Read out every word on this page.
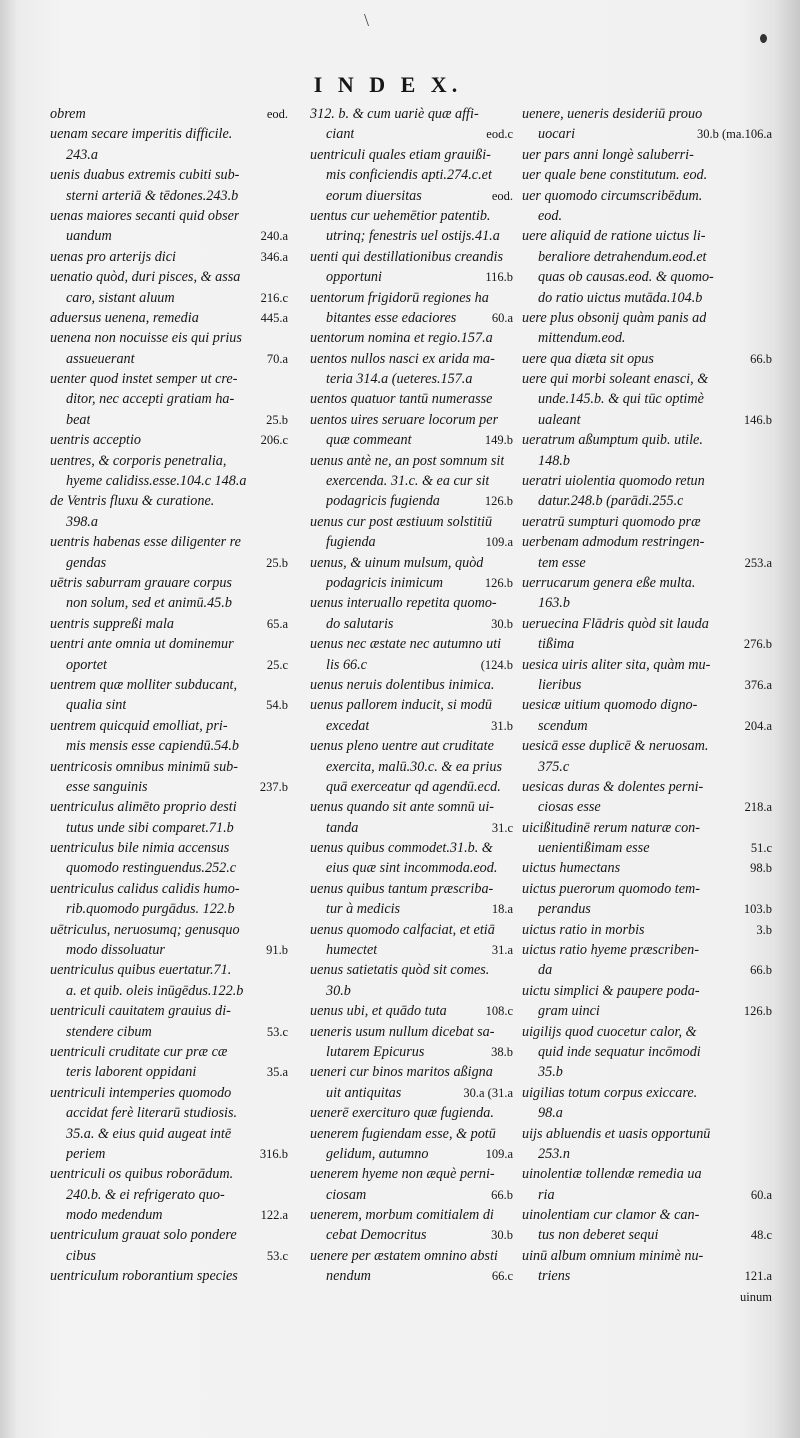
\
I N D E X.
obrem	eod.
uenam secare imperitis difficile.
243.a
uenis duabus extremis cubiti sub-
sterni arteriā & tēdones.243.b
uenas maiores secanti quid obser
uandum	240.a
uenas pro arterijs dici	346.a
uenatio quòd, duri pisces, & assa
caro, sistant aluum	216.c
aduersus uenena, remedia	445.a
uenena non nocuisse eis qui prius
assueuerant	70.a
uenter quod instet semper ut cre-
ditor, nec accepti gratiam ha-
beat	25.b
uentris acceptio	206.c
uentres, & corporis penetralia,
hyeme calidiss.esse.104.c 148.a
de Ventris fluxu & curatione.
398.a
uentris habenas esse diligenter re
gendas	25.b
uētris saburram grauare corpus
non solum, sed et animū.45.b
uentris suppreßi mala	65.a
uentri ante omnia ut dominemur
oportet	25.c
uentrem quæ molliter subducant,
qualia sint	54.b
uentrem quicquid emolliat, pri-
mis mensis esse capiendū.54.b
uentricosis omnibus minimū sub-
esse sanguinis	237.b
uentriculus alimēto proprio desti
tutus unde sibi comparet.71.b
uentriculus bile nimia accensus
quomodo restinguendus.252.c
uentriculus calidus calidis humo-
rib.quomodo purgādus. 122.b
uētriculus, neruosumq; genusquo
modo dissoluatur	91.b
uentriculus quibus euertatur.71.
a. et quib. oleis inūgēdus.122.b
uentriculi cauitatem grauius di-
stendere cibum	53.c
uentriculi cruditate cur præ cæ
teris laborent oppidani	35.a
uentriculi intemperies quomodo
accidat ferè literarū studiosis.
35.a. & eius quid augeat intē
periem	316.b
uentriculi os quibus roborādum.
240.b. & ei refrigerato quo-
modo medendum	122.a
uentriculum grauat solo pondere
cibus	53.c
uentriculum roborantium species
312. b. & cum uariè quæ affi-
ciant	eod.c
uentriculi quales etiam grauißi-
mis conficiendis apti.274.c.et
eorum diuersitas	eod.
uentus cur uehemētior patentib.
utrinq; fenestris uel ostijs.41.a
uenti qui destillationibus creandis
opportuni	116.b
uentorum frigidorū regiones ha
bitantes esse edaciores	60.a
uentorum nomina et regio.157.a
uentos nullos nasci ex arida ma-
teria 314.a (ueteres.157.a
uentos quatuor tantū numerasse
uentos uires seruare locorum per
quæ commeant	149.b
uenus antè ne, an post somnum sit
exercenda. 31.c. & ea cur sit
podagricis fugienda	126.b
uenus cur post æstiuum solstitiū
fugienda	109.a
uenus, & uinum mulsum, quòd
podagricis inimicum	126.b
uenus interuallo repetita quomo-
do salutaris	30.b
uenus nec æstate nec autumno uti
lis 66.c	(124.b
uenus neruis dolentibus inimica.
uenus pallorem inducit, si modū
excedat	31.b
uenus pleno uentre aut cruditate
exercita, malū.30.c. & ea prius
quā exerceatur qd agendū.ecd.
uenus quando sit ante somnū ui-
tanda	31.c
uenus quibus commodet.31.b. &
eius quæ sint incommoda.eod.
uenus quibus tantum præscriba-
tur à medicis	18.a
uenus quomodo calfaciat, et etiā
humectet	31.a
uenus satietatis quòd sit comes.
30.b
uenus ubi, et quādo tuta	108.c
ueneris usum nullum dicebat sa-
lutarem Epicurus	38.b
ueneri cur binos maritos aßigna
uit antiquitas	30.a (31.a
uenerē exerciturο quæ fugienda.
uenerem fugiendam esse, & potū
gelidum, autumno	109.a
uenerem hyeme non æquè perni-
ciosam	66.b
uenerem, morbum comitialem di
cebat Democritus	30.b
uenere per æstatem omnino absti
nendum	66.c
uenere, ueneris desideriū prouo
uocari	30.b (ma.106.a
uer pars anni longè saluberri-
uer quale bene constitutum. eod.
uer quomodo circumscribēdum.
eod.
uere aliquid de ratione uictus li-
beraliore detrahendum.eod.et
quas ob causas.eod. & quomo-
do ratio uictus mutāda.104.b
uere plus obsonij quàm panis ad
mittendum.eod.
uere qua diæta sit opus	66.b
uere qui morbi soleant enasci, &
unde.145.b. & qui tūc optimè
ualeant	146.b
ueratrum aßumptum quib. utile.
148.b
ueratri uiolentia quomodo retun
datur.248.b (parādi.255.c
ueratrū sumpturi quomodo præ
uerbenam admodum restringen-
tem esse	253.a
uerrucarum genera eße multa.
163.b
ueruecina Flādris quòd sit lauda
tißima	276.b
uesica uiris aliter sita, quàm mu-
lieribus	376.a
uesicæ uitium quomodo digno-
scendum	204.a
uesicā esse duplicē & neruosam.
375.c
uesicas duras & dolentes perni-
ciosas esse	218.a
uicißitudinē rerum naturæ con-
uenientißimam esse	51.c
uictus humectans	98.b
uictus puerorum quomodo tem-
perandus	103.b
uictus ratio in morbis	3.b
uictus ratio hyeme præscriben-
da	66.b
uictu simplici & paupere poda-
gram uinci	126.b
uigilijs quod cuocetur calor, &
quid inde sequatur incōmodi
35.b
uigilias totum corpus exiccare.
98.a
uijs abluendis et uasis opportunū
253.n
uinolentiæ tollendæ remedia ua
ria	60.a
uinolentiam cur clamor & can-
tus non deberet sequi	48.c
uinū album omnium minimè nu-
triens	121.a
uinum
